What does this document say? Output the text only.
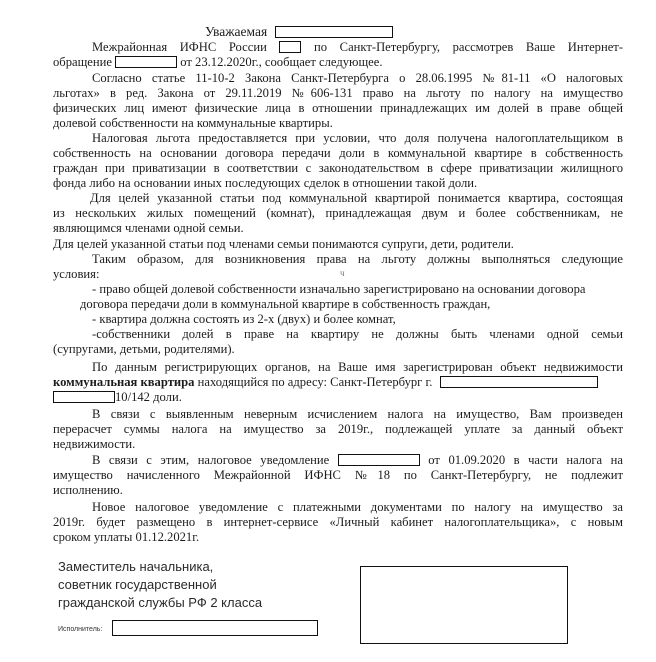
Уважаемая
Межрайонная ИФНС России	по Санкт-Петербургу, рассмотрев Ваше Интернет-
обращение	от 23.12.2020г., сообщает следующее.
Согласно статье 11-10-2 Закона Санкт-Петербурга о 28.06.1995 №81-11 «О налоговых
льготах» в ред. Закона от 29.11.2019 №606-131 право на льготу по налогу на имущество
физических лиц имеют физические лица в отношении принадлежащих им долей в праве общей
долевой собственности на коммунальные квартиры.
Налоговая льгота предоставляется при условии, что доля получена налогоплательщиком в
собственность на основании договора передачи доли в коммунальной квартире в собственность
граждан при приватизации в соответствии с законодательством в сфере приватизации жилищного
фонда либо на основании иных последующих сделок в отношении такой доли.
Для целей указанной статьи под коммунальной квартирой понимается квартира, состоящая
из нескольких жилых помещений (комнат), принадлежащая двум и более собственникам, не
являющимся членами одной семьи.
Для целей указанной статьи под членами семьи понимаются супруги, дети, родители.
Таким образом, для возникновения права на льготу должны выполняться следующие
условия:	ч
- право общей долевой собственности изначально зарегистрировано на основании договора
договора передачи доли в коммунальной квартире в собственность граждан,
- квартира должна состоять из 2-х (двух) и более комнат,
-собственники долей в праве на квартиру не должны быть членами одной семьи
(супругами, детьми, родителями).
По данным регистрирующих органов, на Ваше имя зарегистрирован объект недвижимости
коммунальная квартира находящийся по адресу: Санкт-Петербург г.
10/142 доли.
В связи с выявленным неверным исчислением налога на имущество, Вам произведен
перерасчет суммы налога на имущество за 2019г., подлежащей уплате за данный объект
недвижимости.
В связи с этим, налоговое уведомление	от 01.09.2020 в части налога на
имущество начисленного Межрайонной ИФНС №18 по Санкт-Петербургу, не подлежит
исполнению.
Новое налоговое уведомление с платежными документами по налогу на имущество за
2019г. будет размещено в интернет-сервисе «Личный кабинет налогоплательщика», с новым
сроком уплаты 01.12.2021г.
Заместитель начальника,
советник государственной
гражданской службы РФ 2 класса
Исполнитель:
